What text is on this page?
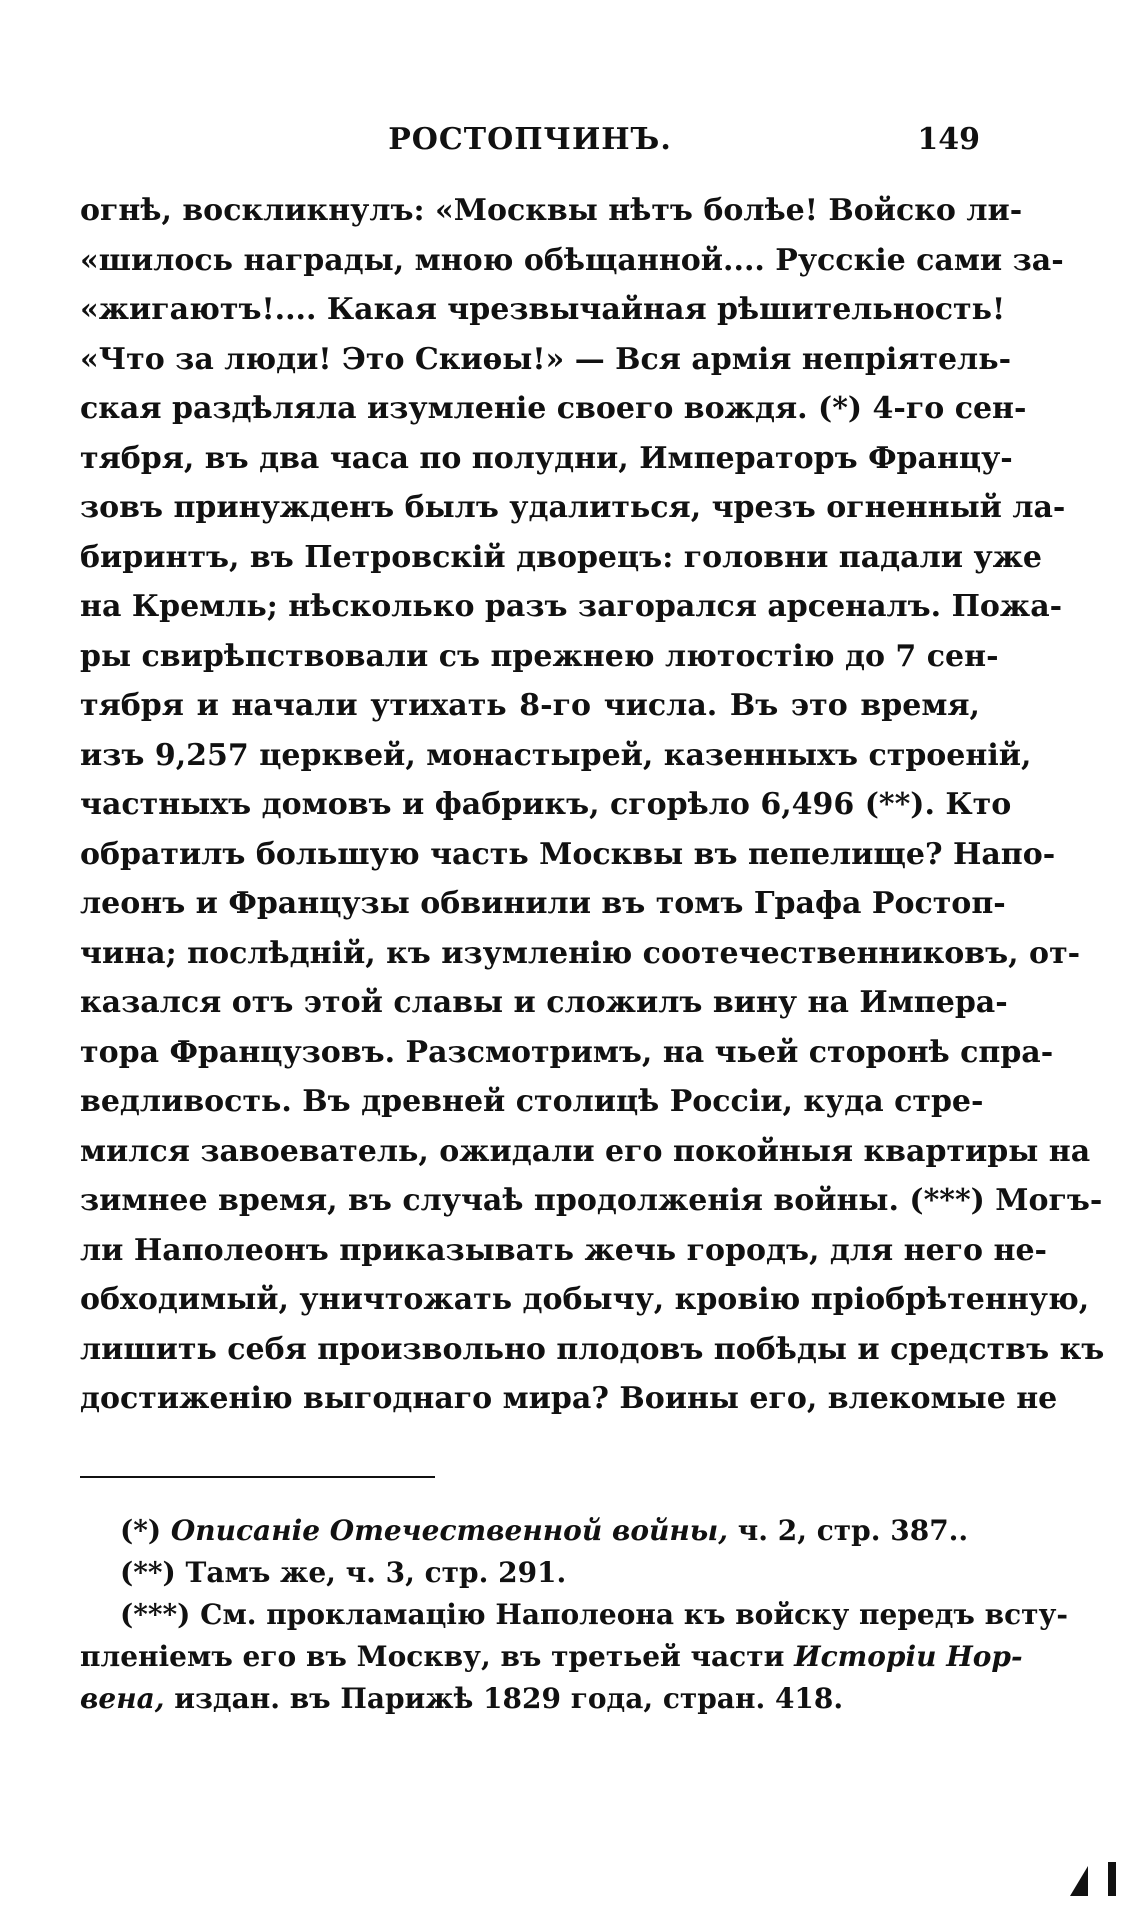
РОСТОПЧИНЪ.	149
огнѣ, воскликнулъ: «Москвы нѣтъ болѣе! Войско ли-
«шилось награды, мною обѣщанной.... Русскіе сами за-
«жигаютъ!.... Какая чрезвычайная рѣшительность!
«Что за люди! Это Скиѳы!» — Вся армія непріятель-
ская раздѣляла изумленіе своего вождя. (*) 4-го сен-
тября, въ два часа по полудни, Императоръ Францу-
зовъ принужденъ былъ удалиться, чрезъ огненный ла-
биринтъ, въ Петровскій дворецъ: головни падали уже
на Кремль; нѣсколько разъ загорался арсеналъ. Пожа-
ры свирѣпствовали съ прежнею лютостію до 7 сен-
тября и начали утихать 8-го числа. Въ это время,
изъ 9,257 церквей, монастырей, казенныхъ строеній,
частныхъ домовъ и фабрикъ, сгорѣло 6,496 (**). Кто
обратилъ большую часть Москвы въ пепелище? Напо-
леонъ и Французы обвинили въ томъ Графа Ростоп-
чина; послѣдній, къ изумленію соотечественниковъ, от-
казался отъ этой славы и сложилъ вину на Импера-
тора Французовъ. Разсмотримъ, на чьей сторонѣ спра-
ведливость. Въ древней столицѣ Россіи, куда стре-
мился завоеватель, ожидали его покойныя квартиры на
зимнее время, въ случаѣ продолженія войны. (***) Могъ-
ли Наполеонъ приказывать жечь городъ, для него не-
обходимый, уничтожать добычу, кровію пріобрѣтенную,
лишить себя произвольно плодовъ побѣды и средствъ къ
достиженію выгоднаго мира? Воины его, влекомые не
(*) Описаніе Отечественной войны, ч. 2, стр. 387..
(**) Тамъ же, ч. 3, стр. 291.
(***) См. прокламацію Наполеона къ войску передъ всту-
пленіемъ его въ Москву, въ третьей части Исторіи Нор-
вена, издан. въ Парижѣ 1829 года, стран. 418.
